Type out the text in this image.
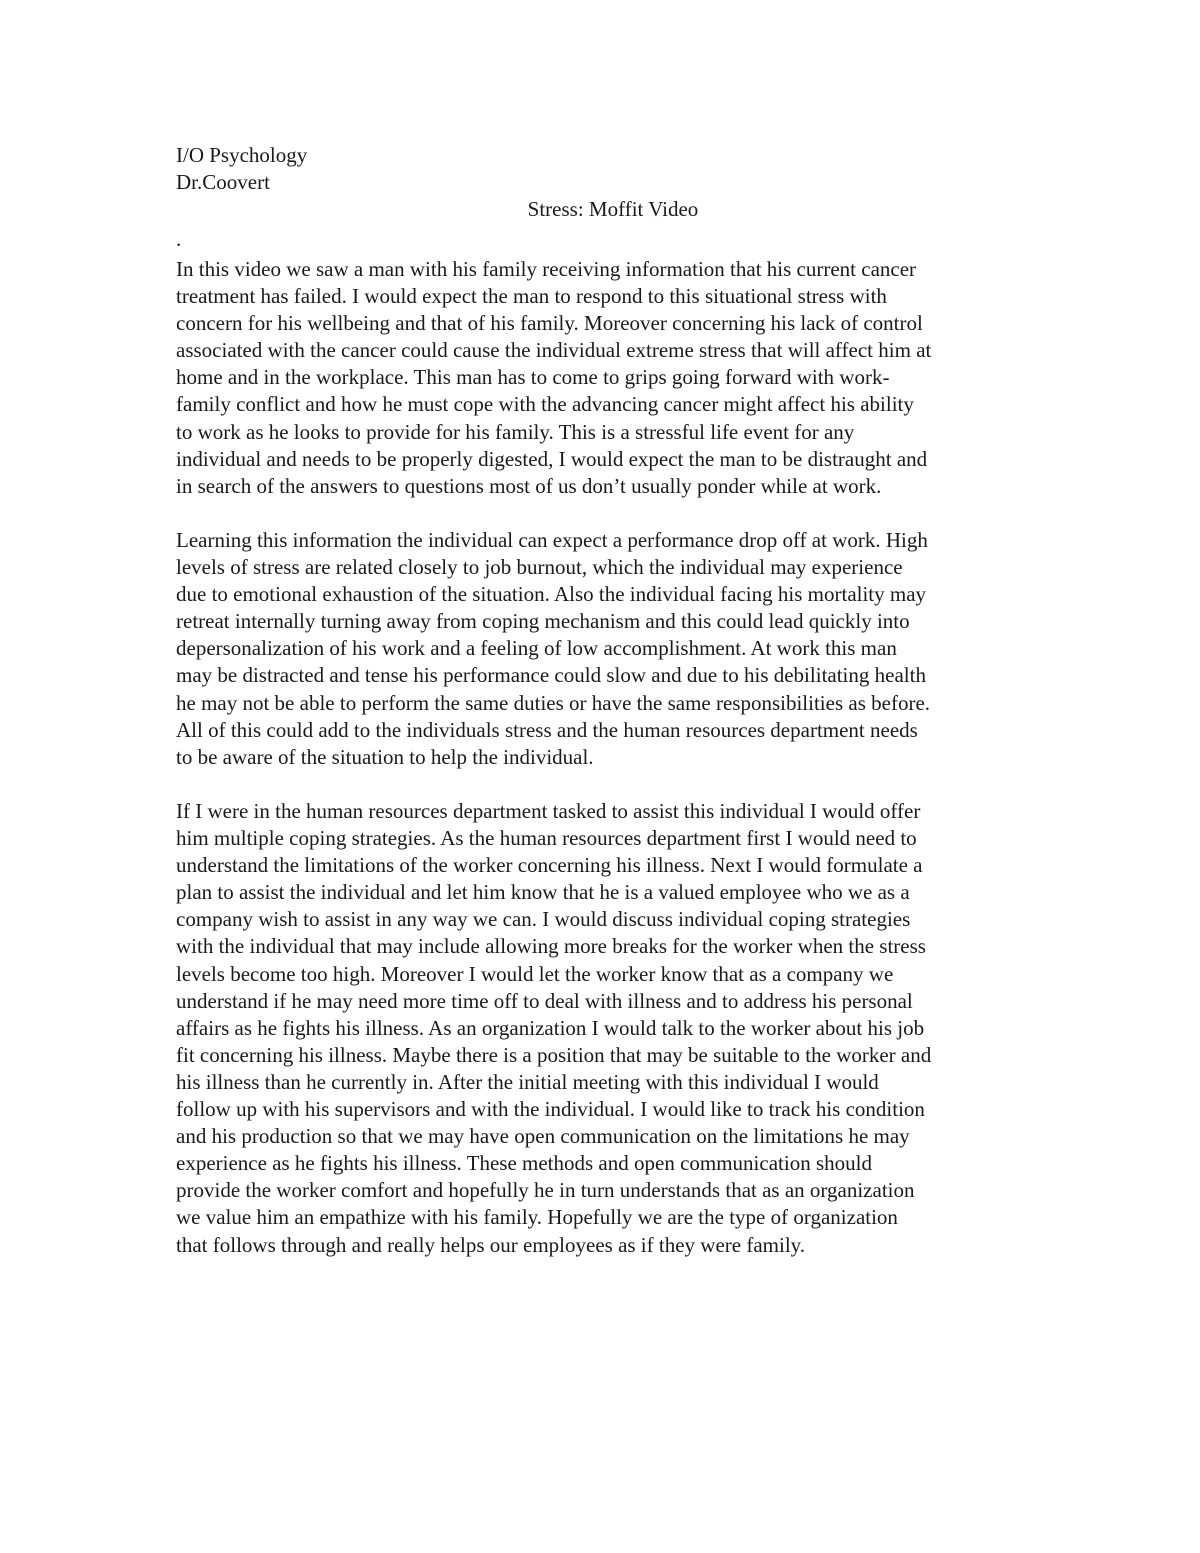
I/O Psychology
Dr.Coovert
Stress: Moffit Video
.

In this video we saw a man with his family receiving information that his current cancer
treatment has failed. I would expect the man to respond to this situational stress with
concern for his wellbeing and that of his family. Moreover concerning his lack of control
associated with the cancer could cause the individual extreme stress that will affect him at
home and in the workplace. This man has to come to grips going forward with work-
family conflict and how he must cope with the advancing cancer might affect his ability
to work as he looks to provide for his family. This is a stressful life event for any
individual and needs to be properly digested, I would expect the man to be distraught and
in search of the answers to questions most of us don’t usually ponder while at work.

Learning this information the individual can expect a performance drop off at work. High
levels of stress are related closely to job burnout, which the individual may experience
due to emotional exhaustion of the situation. Also the individual facing his mortality may
retreat internally turning away from coping mechanism and this could lead quickly into
depersonalization of his work and a feeling of low accomplishment. At work this man
may be distracted and tense his performance could slow and due to his debilitating health
he may not be able to perform the same duties or have the same responsibilities as before.
All of this could add to the individuals stress and the human resources department needs
to be aware of the situation to help the individual.

If I were in the human resources department tasked to assist this individual I would offer
him multiple coping strategies. As the human resources department first I would need to
understand the limitations of the worker concerning his illness. Next I would formulate a
plan to assist the individual and let him know that he is a valued employee who we as a
company wish to assist in any way we can. I would discuss individual coping strategies
with the individual that may include allowing more breaks for the worker when the stress
levels become too high. Moreover I would let the worker know that as a company we
understand if he may need more time off to deal with illness and to address his personal
affairs as he fights his illness. As an organization I would talk to the worker about his job
fit concerning his illness. Maybe there is a position that may be suitable to the worker and
his illness than he currently in. After the initial meeting with this individual I would
follow up with his supervisors and with the individual. I would like to track his condition
and his production so that we may have open communication on the limitations he may
experience as he fights his illness. These methods and open communication should
provide the worker comfort and hopefully he in turn understands that as an organization
we value him an empathize with his family. Hopefully we are the type of organization
that follows through and really helps our employees as if they were family.
